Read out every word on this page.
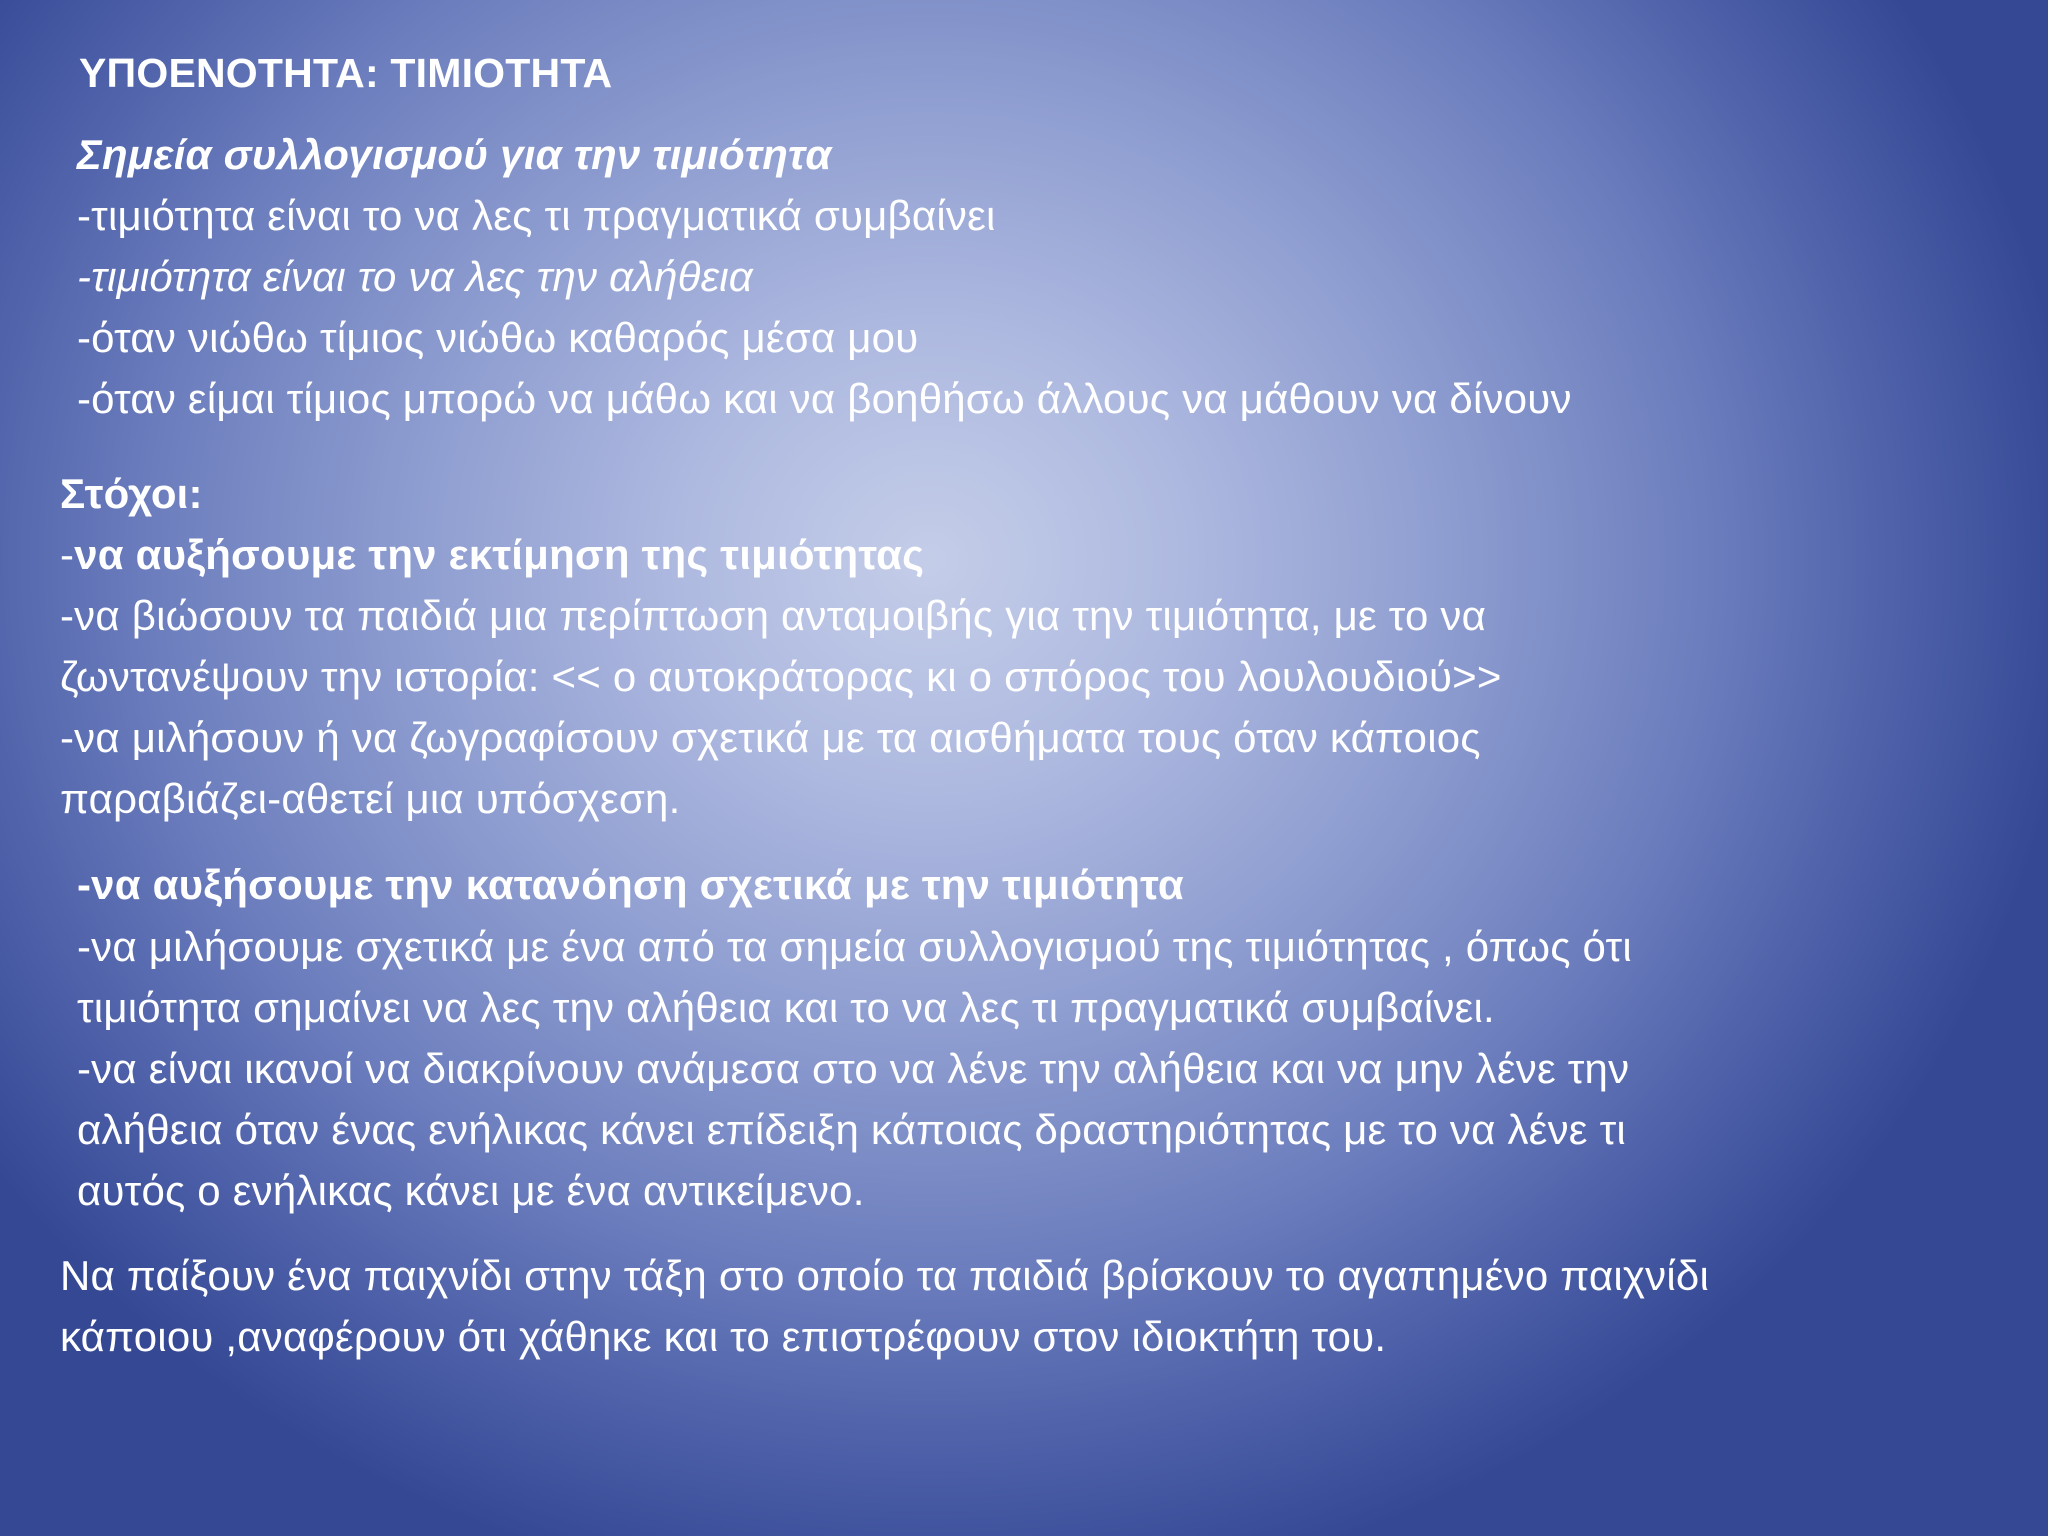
ΥΠΟΕΝΟΤΗΤΑ: ΤΙΜΙΟΤΗΤΑ
Σημεία συλλογισμού για την τιμιότητα
-τιμιότητα είναι το να λες τι πραγματικά συμβαίνει
-τιμιότητα είναι το να λες την αλήθεια
-όταν νιώθω τίμιος νιώθω καθαρός μέσα μου
-όταν είμαι τίμιος μπορώ να μάθω και να βοηθήσω άλλους να μάθουν να δίνουν
Στόχοι:
-να αυξήσουμε την εκτίμηση της τιμιότητας
-να βιώσουν τα παιδιά μια περίπτωση ανταμοιβής για την τιμιότητα, με το να
ζωντανέψουν την ιστορία: << ο αυτοκράτορας κι ο σπόρος του λουλουδιού>>
-να μιλήσουν ή να ζωγραφίσουν σχετικά με τα αισθήματα τους όταν κάποιος
παραβιάζει-αθετεί μια υπόσχεση.
-να αυξήσουμε την κατανόηση σχετικά με την τιμιότητα
-να μιλήσουμε σχετικά με ένα από τα σημεία συλλογισμού της τιμιότητας , όπως ότι
τιμιότητα σημαίνει να λες την αλήθεια και το να λες τι πραγματικά συμβαίνει.
-να είναι ικανοί να διακρίνουν ανάμεσα στο να λένε την αλήθεια και να μην λένε την
αλήθεια όταν ένας ενήλικας κάνει επίδειξη κάποιας δραστηριότητας με το να λένε τι
αυτός ο ενήλικας κάνει με ένα αντικείμενο.
Να παίξουν ένα παιχνίδι στην τάξη στο οποίο τα παιδιά βρίσκουν το αγαπημένο παιχνίδι
κάποιου ,αναφέρουν ότι χάθηκε και το επιστρέφουν στον ιδιοκτήτη του.
